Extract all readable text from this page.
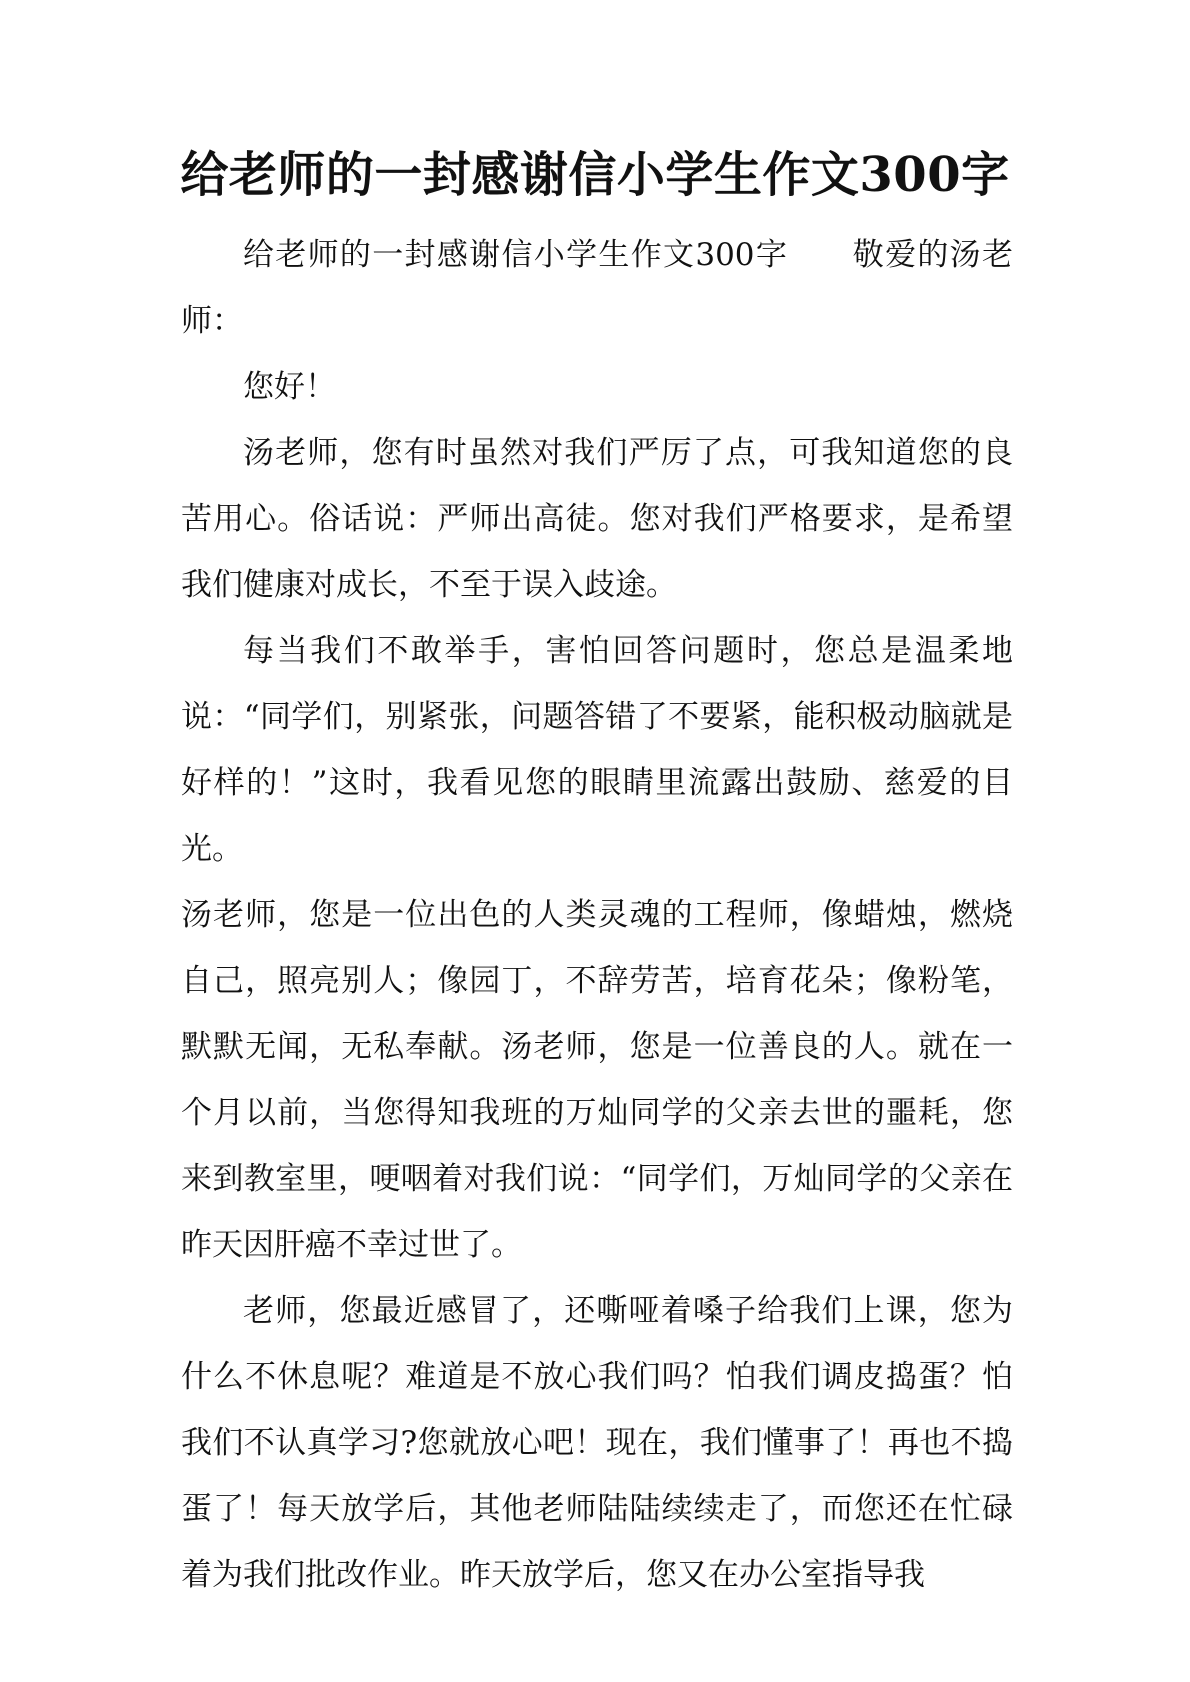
给老师的一封感谢信小学生作文300字

给老师的一封感谢信小学生作文300字　　敬爱的汤老师：

您好！

汤老师，您有时虽然对我们严厉了点，可我知道您的良苦用心。俗话说：严师出高徒。您对我们严格要求，是希望我们健康对成长，不至于误入歧途。

每当我们不敢举手，害怕回答问题时，您总是温柔地说：“同学们，别紧张，问题答错了不要紧，能积极动脑就是好样的！”这时，我看见您的眼睛里流露出鼓励、慈爱的目光。

汤老师，您是一位出色的人类灵魂的工程师，像蜡烛，燃烧自己，照亮别人；像园丁，不辞劳苦，培育花朵；像粉笔，默默无闻，无私奉献。汤老师，您是一位善良的人。就在一个月以前，当您得知我班的万灿同学的父亲去世的噩耗，您来到教室里，哽咽着对我们说：“同学们，万灿同学的父亲在昨天因肝癌不幸过世了。

老师，您最近感冒了，还嘶哑着嗓子给我们上课，您为什么不休息呢？难道是不放心我们吗？怕我们调皮捣蛋？怕我们不认真学习?您就放心吧！现在，我们懂事了！再也不捣蛋了！每天放学后，其他老师陆陆续续走了，而您还在忙碌着为我们批改作业。昨天放学后，您又在办公室指导我
